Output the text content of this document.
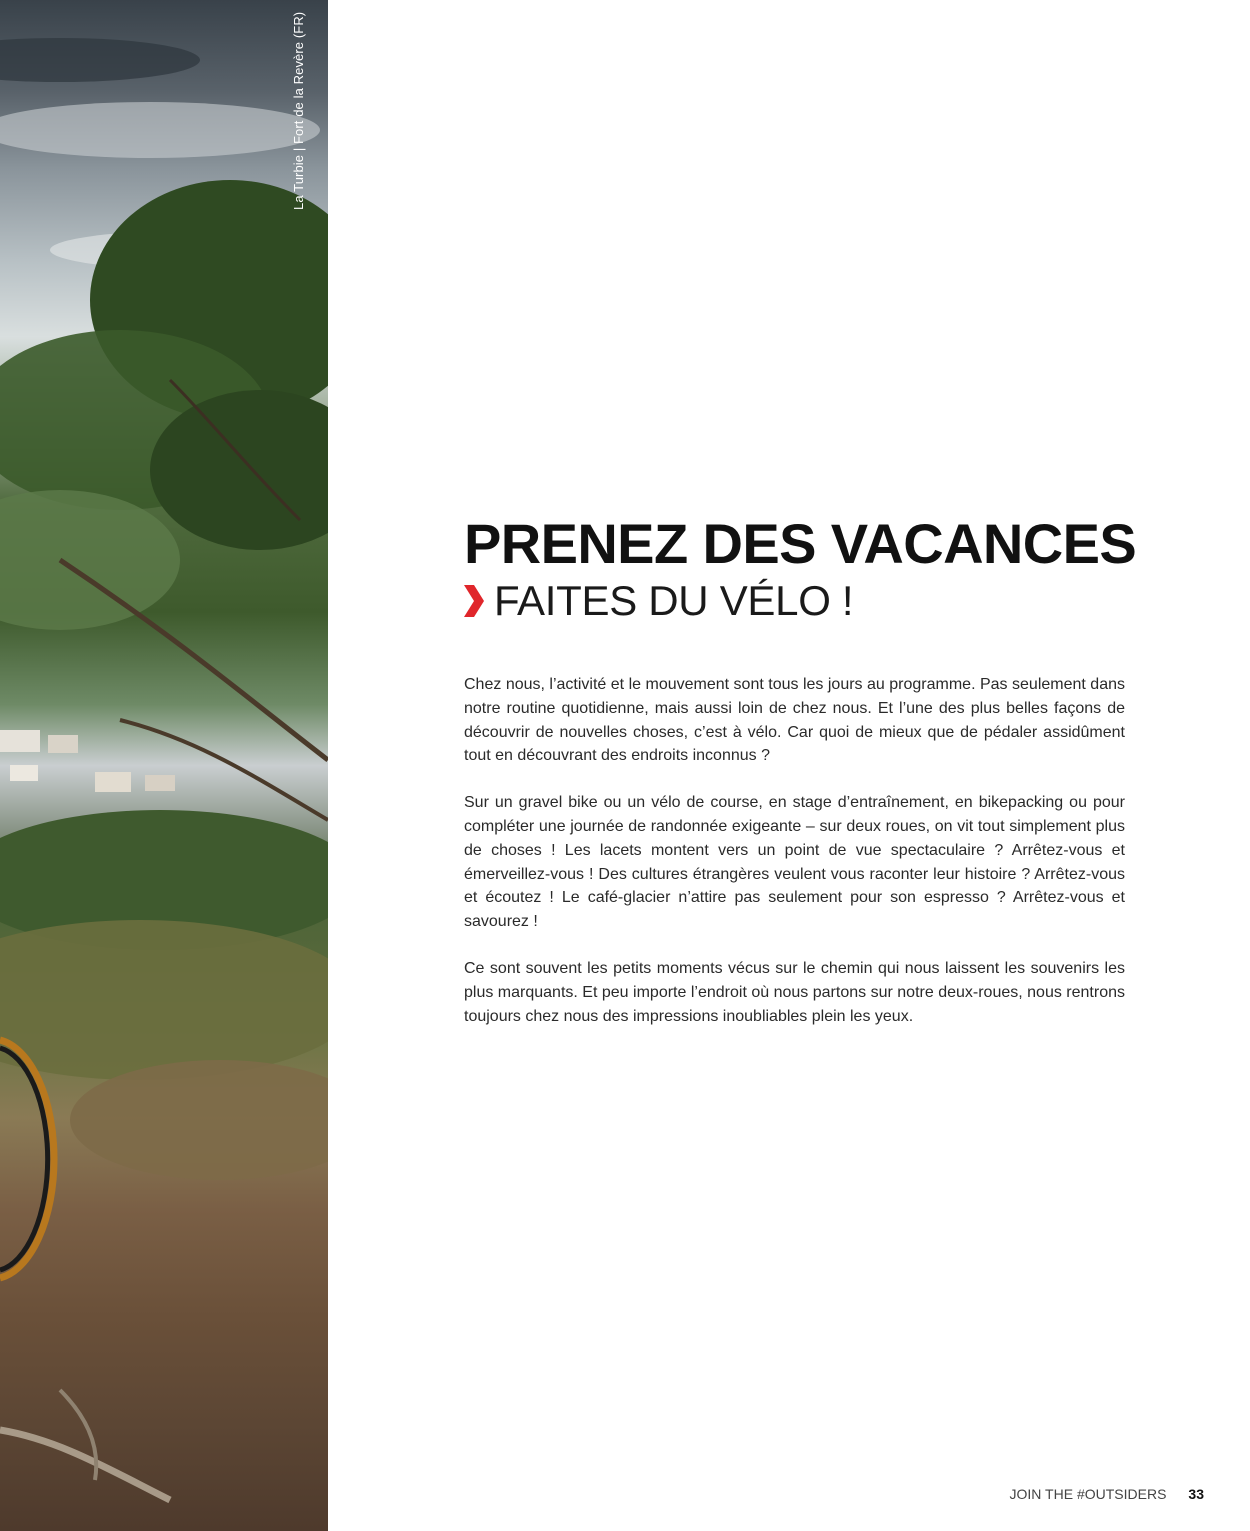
La Turbie | Fort de la Revère (FR)
PRENEZ DES VACANCES
FAITES DU VÉLO !

Chez nous, l’activité et le mouvement sont tous les jours au programme. Pas seulement dans notre routine quotidienne, mais aussi loin de chez nous. Et l’une des plus belles façons de découvrir de nouvelles choses, c’est à vélo. Car quoi de mieux que de pédaler assidûment tout en découvrant des endroits inconnus ?

Sur un gravel bike ou un vélo de course, en stage d’entraînement, en bikepacking ou pour compléter une journée de randonnée exigeante – sur deux roues, on vit tout simplement plus de choses ! Les lacets montent vers un point de vue spectaculaire ? Arrêtez-vous et émerveillez-vous ! Des cultures étrangères veulent vous raconter leur histoire ? Arrêtez-vous et écoutez ! Le café-glacier n’attire pas seulement pour son espresso ? Arrêtez-vous et savourez !

Ce sont souvent les petits moments vécus sur le chemin qui nous laissent les souvenirs les plus marquants. Et peu importe l’endroit où nous partons sur notre deux-roues, nous rentrons toujours chez nous des impressions inoubliables plein les yeux.

JOIN THE #OUTSIDERS 33
